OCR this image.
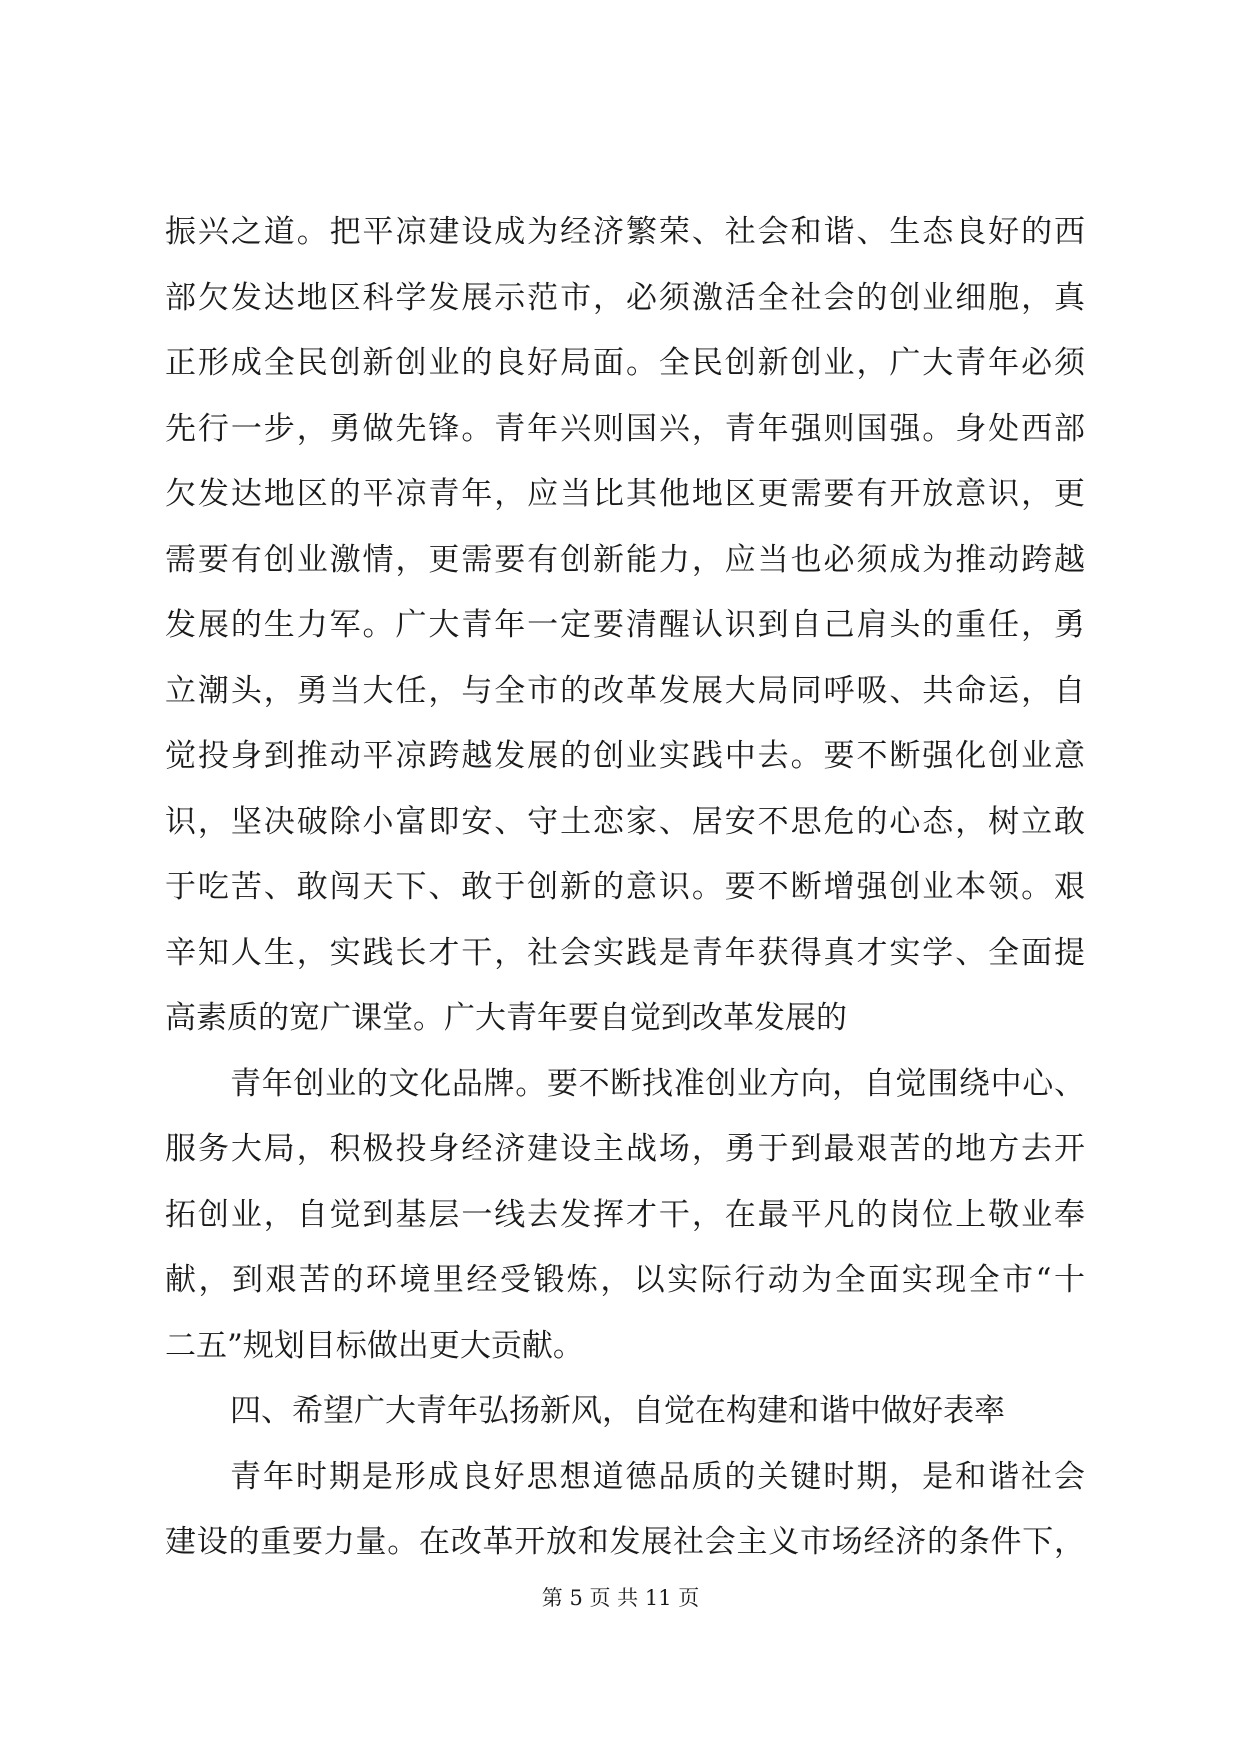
振兴之道。把平凉建设成为经济繁荣、社会和谐、生态良好的西
部欠发达地区科学发展示范市，必须激活全社会的创业细胞，真
正形成全民创新创业的良好局面。全民创新创业，广大青年必须
先行一步，勇做先锋。青年兴则国兴，青年强则国强。身处西部
欠发达地区的平凉青年，应当比其他地区更需要有开放意识，更
需要有创业激情，更需要有创新能力，应当也必须成为推动跨越
发展的生力军。广大青年一定要清醒认识到自己肩头的重任，勇
立潮头，勇当大任，与全市的改革发展大局同呼吸、共命运，自
觉投身到推动平凉跨越发展的创业实践中去。要不断强化创业意
识，坚决破除小富即安、守土恋家、居安不思危的心态，树立敢
于吃苦、敢闯天下、敢于创新的意识。要不断增强创业本领。艰
辛知人生，实践长才干，社会实践是青年获得真才实学、全面提
高素质的宽广课堂。广大青年要自觉到改革发展的
青年创业的文化品牌。要不断找准创业方向，自觉围绕中心、
服务大局，积极投身经济建设主战场，勇于到最艰苦的地方去开
拓创业，自觉到基层一线去发挥才干，在最平凡的岗位上敬业奉
献，到艰苦的环境里经受锻炼，以实际行动为全面实现全市“十
二五”规划目标做出更大贡献。
四、希望广大青年弘扬新风，自觉在构建和谐中做好表率
青年时期是形成良好思想道德品质的关键时期，是和谐社会
建设的重要力量。在改革开放和发展社会主义市场经济的条件下，
第 5 页 共 11 页
